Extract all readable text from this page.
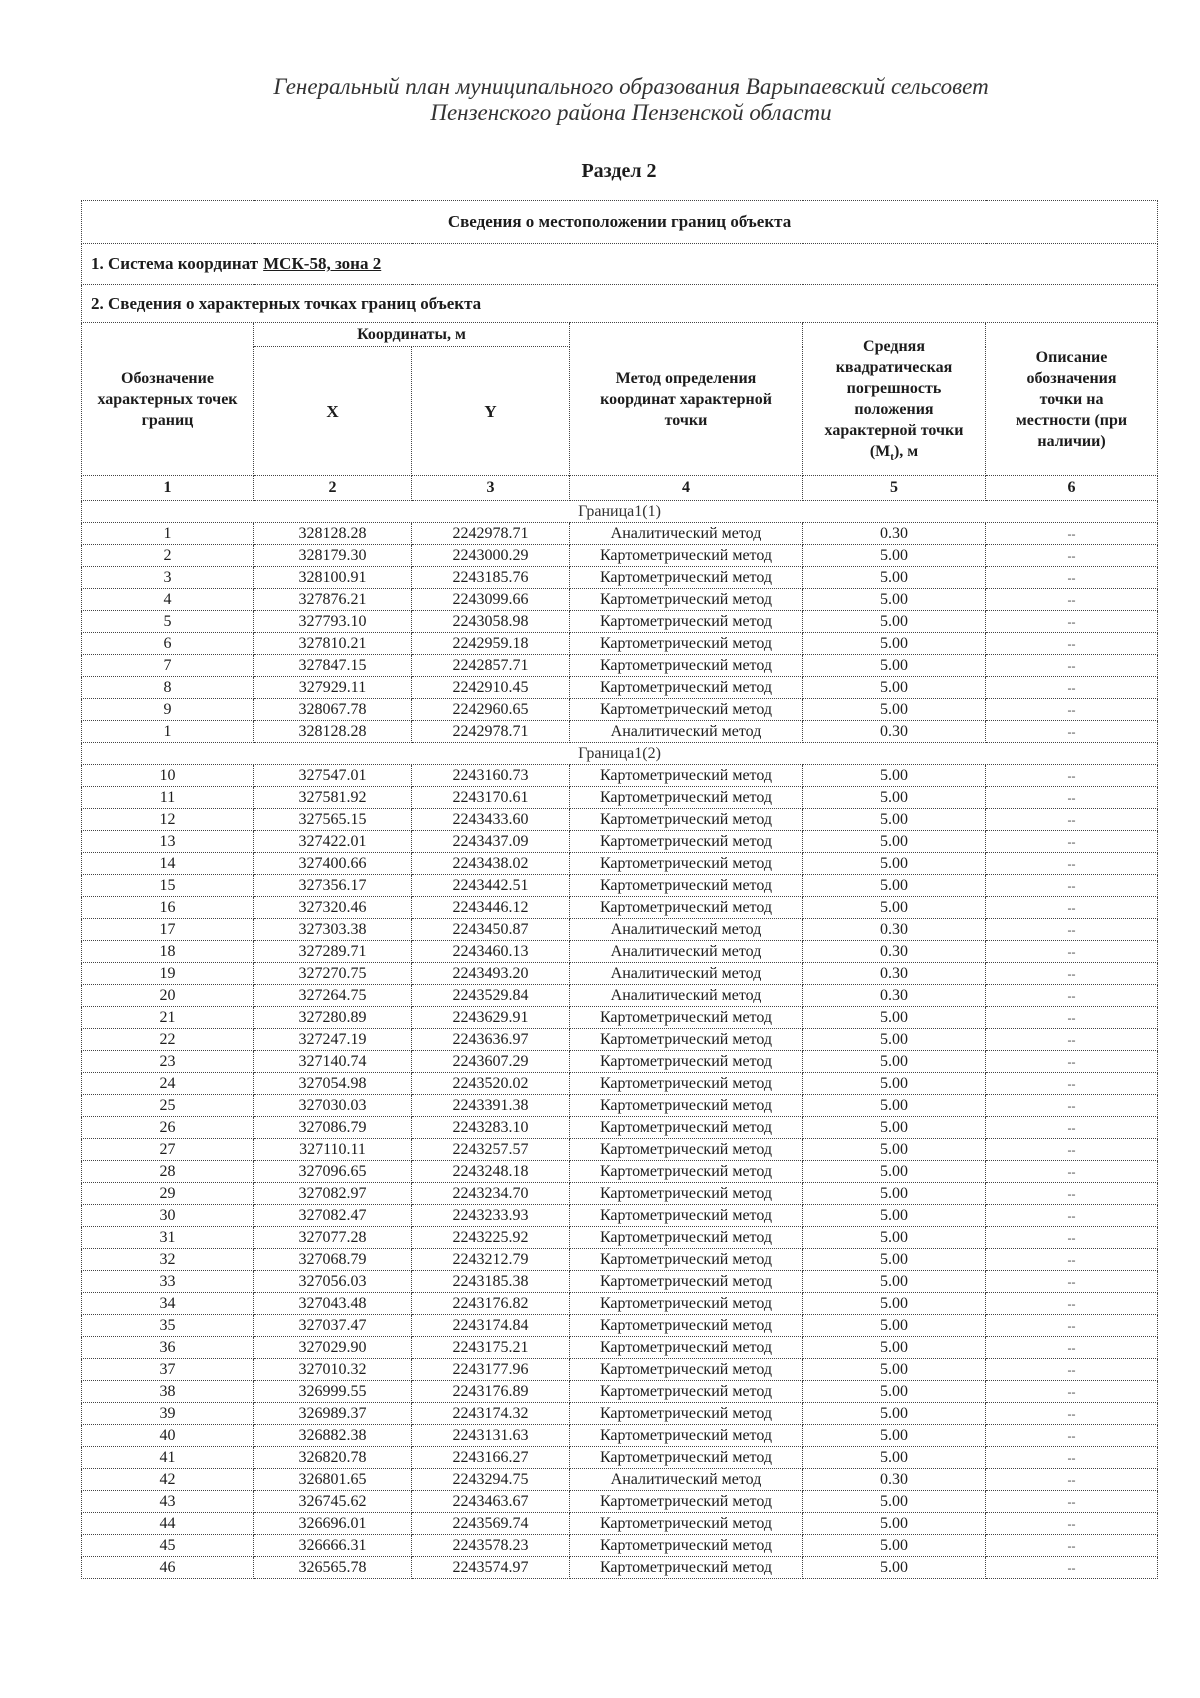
Генеральный план муниципального образования Варыпаевский сельсовет
Пензенского района Пензенской области
Раздел 2
Сведения о местоположении границ объекта					
1. Система координат МСК-58, зона 2					
2. Сведения о характерных точках границ объекта					
Обозначение характерных точек границ	Координаты, м		Метод определения координат характерной точки	Средняя квадратическая погрешность положения характерной точки $(M_t)$, м	Описание обозначения точки на местности (при наличии)
	X	Y			
1	2	3	4	5	6
Граница1(1)					
1	328128.28	2242978.71	Аналитический метод	0.30	--
2	328179.30	2243000.29	Картометрический метод	5.00	--
3	328100.91	2243185.76	Картометрический метод	5.00	--
4	327876.21	2243099.66	Картометрический метод	5.00	--
5	327793.10	2243058.98	Картометрический метод	5.00	--
6	327810.21	2242959.18	Картометрический метод	5.00	--
7	327847.15	2242857.71	Картометрический метод	5.00	--
8	327929.11	2242910.45	Картометрический метод	5.00	--
9	328067.78	2242960.65	Картометрический метод	5.00	--
1	328128.28	2242978.71	Аналитический метод	0.30	--
Граница1(2)					
10	327547.01	2243160.73	Картометрический метод	5.00	--
11	327581.92	2243170.61	Картометрический метод	5.00	--
12	327565.15	2243433.60	Картометрический метод	5.00	--
13	327422.01	2243437.09	Картометрический метод	5.00	--
14	327400.66	2243438.02	Картометрический метод	5.00	--
15	327356.17	2243442.51	Картометрический метод	5.00	--
16	327320.46	2243446.12	Картометрический метод	5.00	--
17	327303.38	2243450.87	Аналитический метод	0.30	--
18	327289.71	2243460.13	Аналитический метод	0.30	--
19	327270.75	2243493.20	Аналитический метод	0.30	--
20	327264.75	2243529.84	Аналитический метод	0.30	--
21	327280.89	2243629.91	Картометрический метод	5.00	--
22	327247.19	2243636.97	Картометрический метод	5.00	--
23	327140.74	2243607.29	Картометрический метод	5.00	--
24	327054.98	2243520.02	Картометрический метод	5.00	--
25	327030.03	2243391.38	Картометрический метод	5.00	--
26	327086.79	2243283.10	Картометрический метод	5.00	--
27	327110.11	2243257.57	Картометрический метод	5.00	--
28	327096.65	2243248.18	Картометрический метод	5.00	--
29	327082.97	2243234.70	Картометрический метод	5.00	--
30	327082.47	2243233.93	Картометрический метод	5.00	--
31	327077.28	2243225.92	Картометрический метод	5.00	--
32	327068.79	2243212.79	Картометрический метод	5.00	--
33	327056.03	2243185.38	Картометрический метод	5.00	--
34	327043.48	2243176.82	Картометрический метод	5.00	--
35	327037.47	2243174.84	Картометрический метод	5.00	--
36	327029.90	2243175.21	Картометрический метод	5.00	--
37	327010.32	2243177.96	Картометрический метод	5.00	--
38	326999.55	2243176.89	Картометрический метод	5.00	--
39	326989.37	2243174.32	Картометрический метод	5.00	--
40	326882.38	2243131.63	Картометрический метод	5.00	--
41	326820.78	2243166.27	Картометрический метод	5.00	--
42	326801.65	2243294.75	Аналитический метод	0.30	--
43	326745.62	2243463.67	Картометрический метод	5.00	--
44	326696.01	2243569.74	Картометрический метод	5.00	--
45	326666.31	2243578.23	Картометрический метод	5.00	--
46	326565.78	2243574.97	Картометрический метод	5.00	--
